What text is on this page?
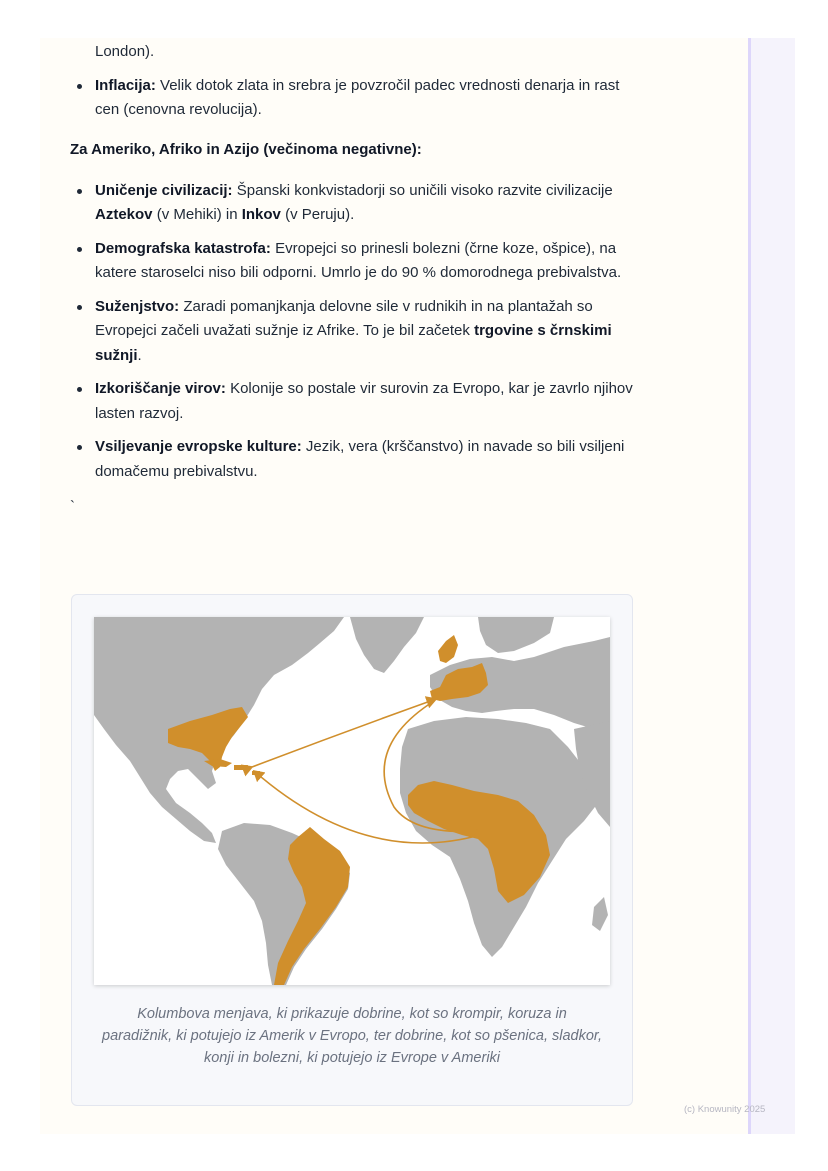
London).
Inflacija: Velik dotok zlata in srebra je povzročil padec vrednosti denarja in rast cen (cenovna revolucija).
Za Ameriko, Afriko in Azijo (večinoma negativne):
Uničenje civilizacij: Španski konkvistadorji so uničili visoko razvite civilizacije Aztekov (v Mehiki) in Inkov (v Peruju).
Demografska katastrofa: Evropejci so prinesli bolezni (črne koze, ošpice), na katere staroselci niso bili odporni. Umrlo je do 90 % domorodnega prebivalstva.
Suženjstvo: Zaradi pomanjkanja delovne sile v rudnikih in na plantažah so Evropejci začeli uvažati sužnje iz Afrike. To je bil začetek trgovine s črnskimi sužnji.
Izkoriščanje virov: Kolonije so postale vir surovin za Evropo, kar je zavrlo njihov lasten razvoj.
Vsiljevanje evropske kulture: Jezik, vera (krščanstvo) in navade so bili vsiljeni domačemu prebivalstvu.
`
Kolumbova menjava, ki prikazuje dobrine, kot so krompir, koruza in paradižnik, ki potujejo iz Amerik v Evropo, ter dobrine, kot so pšenica, sladkor, konji in bolezni, ki potujejo iz Evrope v Ameriki
(c) Knowunity 2025
